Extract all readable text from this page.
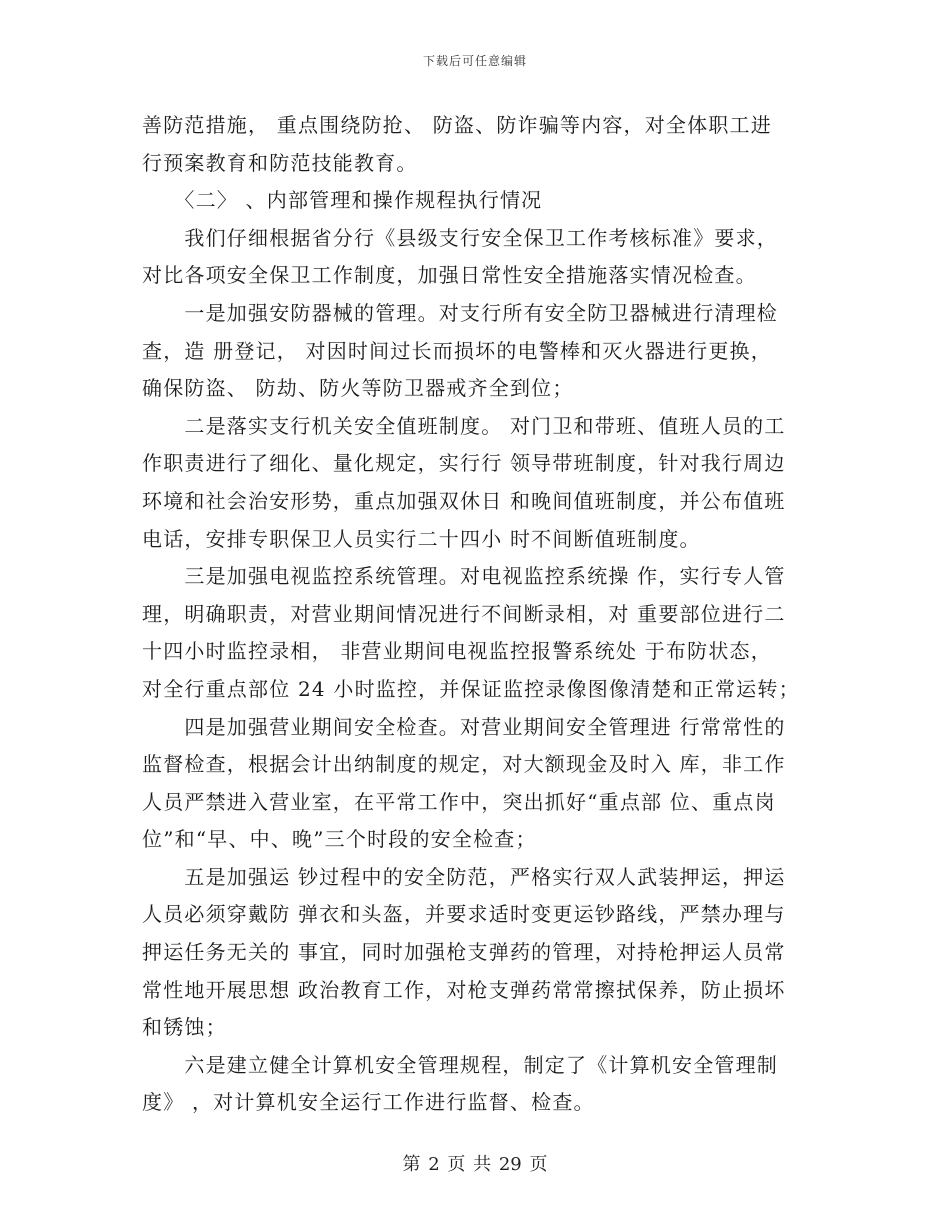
下载后可任意编辑
善防范措施， 重点围绕防抢、 防盗、防诈骗等内容，对全体职工进
行预案教育和防范技能教育。
　　〈二〉 、内部管理和操作规程执行情况
　　我们仔细根据省分行《县级支行安全保卫工作考核标准》要求，
对比各项安全保卫工作制度，加强日常性安全措施落实情况检查。
　　一是加强安防器械的管理。对支行所有安全防卫器械进行清理检
查，造 册登记， 对因时间过长而损坏的电警棒和灭火器进行更换，
确保防盗、 防劫、防火等防卫器戒齐全到位；
　　二是落实支行机关安全值班制度。 对门卫和带班、值班人员的工
作职责进行了细化、量化规定，实行行 领导带班制度，针对我行周边
环境和社会治安形势，重点加强双休日 和晚间值班制度，并公布值班
电话，安排专职保卫人员实行二十四小 时不间断值班制度。
　　三是加强电视监控系统管理。对电视监控系统操 作，实行专人管
理，明确职责，对营业期间情况进行不间断录相，对 重要部位进行二
十四小时监控录相， 非营业期间电视监控报警系统处 于布防状态，
对全行重点部位 24 小时监控，并保证监控录像图像清楚和正常运转；
　　四是加强营业期间安全检查。对营业期间安全管理进 行常常性的
监督检查，根据会计出纳制度的规定，对大额现金及时入 库，非工作
人员严禁进入营业室，在平常工作中，突出抓好“重点部 位、重点岗
位”和“早、中、晚”三个时段的安全检查；
　　五是加强运 钞过程中的安全防范，严格实行双人武装押运，押运
人员必须穿戴防 弹衣和头盔，并要求适时变更运钞路线，严禁办理与
押运任务无关的 事宜，同时加强枪支弹药的管理，对持枪押运人员常
常性地开展思想 政治教育工作，对枪支弹药常常擦拭保养，防止损坏
和锈蚀；
　　六是建立健全计算机安全管理规程，制定了《计算机安全管理制
度》 ，对计算机安全运行工作进行监督、检查。
第 2 页 共 29 页
